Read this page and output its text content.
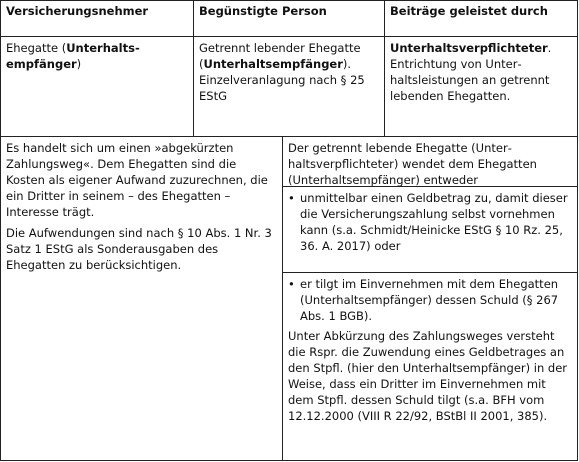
Versicherungsnehmer	Begünstigte Person	Beiträge geleistet durch
Ehegatte (Unterhaltsempfänger)

Getrennt lebender Ehegatte (Unterhaltsempfänger).

Einzelveranlagung nach § 25 EStG

Unterhaltsverpflichteter.

Entrichtung von Unterhaltsleistungen an getrennt lebenden Ehegatten.

Es handelt sich um einen »abgekürzten Zahlungsweg«. Dem Ehegatten sind die Kosten als eigener Aufwand zuzurechnen, die ein Dritter in seinem – des Ehegatten – Interesse trägt.

Die Aufwendungen sind nach § 10 Abs. 1 Nr. 3 Satz 1 EStG als Sonderausgaben des Ehegatten zu berücksichtigen.

Der getrennt lebende Ehegatte (Unterhaltsverpflichteter) wendet dem Ehegatten (Unterhaltsempfänger) entweder

• unmittelbar einen Geldbetrag zu, damit dieser die Versicherungszahlung selbst vornehmen kann (s.a. Schmidt/Heinicke EStG § 10 Rz. 25, 36. A. 2017) oder
• er tilgt im Einvernehmen mit dem Ehegatten (Unterhaltsempfänger) dessen Schuld (§ 267 Abs. 1 BGB).

Unter Abkürzung des Zahlungsweges versteht die Rspr. die Zuwendung eines Geldbetrages an den Stpfl. (hier den Unterhaltsempfänger) in der Weise, dass ein Dritter im Einvernehmen mit dem Stpfl. dessen Schuld tilgt (s.a. BFH vom 12.12.2000 (VIII R 22/92, BStBl II 2001, 385).
